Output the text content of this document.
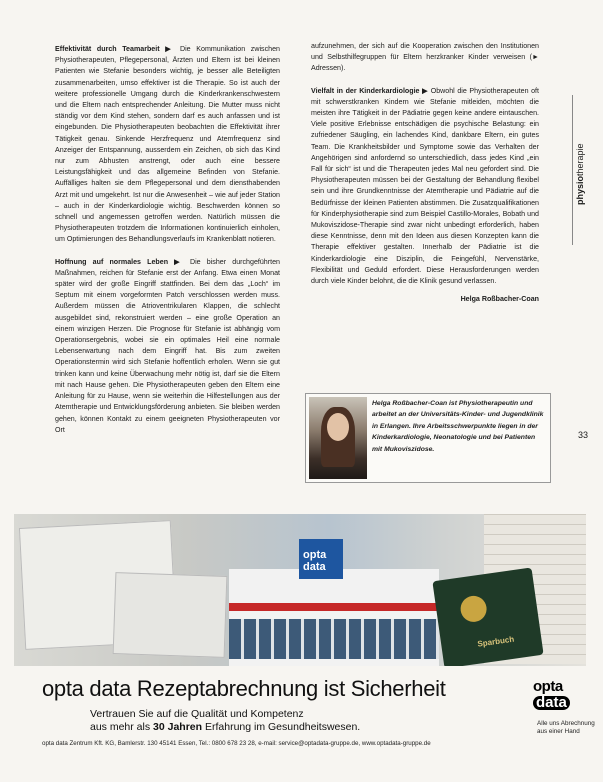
Effektivität durch Teamarbeit ▶ Die Kommunikation zwischen Physiotherapeuten, Pflegepersonal, Ärzten und Eltern ist bei kleinen Patienten wie Stefanie besonders wichtig, je besser alle Beteiligten zusammenarbeiten, umso effektiver ist die Therapie. So ist auch der weitere professionelle Umgang durch die Kinderkrankenschwestern und die Eltern nach entsprechender Anleitung. Die Mutter muss nicht ständig vor dem Kind stehen, sondern darf es auch anfassen und ist eingebunden. Die Physiotherapeuten beobachten die Effektivität ihrer Tätigkeit genau. Sinkende Herzfrequenz und Atemfrequenz sind Anzeiger der Entspannung, ausserdem ein Zeichen, ob sich das Kind nur zum Abhusten anstrengt, oder auch eine bessere Leistungsfähigkeit und das allgemeine Befinden von Stefanie. Auffälliges halten sie dem Pflegepersonal und dem diensthabenden Arzt mit und umgekehrt. Ist nur die Anwesenheit – wie auf jeder Station – auch in der Kinderkardiologie wichtig. Beschwerden können so schnell und angemessen getroffen werden. Natürlich müssen die Physiotherapeuten trotzdem die Informationen kontinuierlich einholen, um Optimierungen des Behandlungsverlaufs im Krankenblatt notieren.

Hoffnung auf normales Leben ▶ Die bisher durchgeführten Maßnahmen, reichen für Stefanie erst der Anfang. Etwa einen Monat später wird der große Eingriff stattfinden. Bei dem das „Loch“ im Septum mit einem vorgeformten Patch verschlossen werden muss. Außerdem müssen die Atrioventrikularen Klappen, die schlecht ausgebildet sind, rekonstruiert werden – eine große Operation an einem winzigen Herzen. Die Prognose für Stefanie ist abhängig vom Operationsergebnis, wobei sie ein optimales Heil eine normale Lebenserwartung nach dem Eingriff hat. Bis zum zweiten Operationstermin wird sich Stefanie hoffentlich erholen. Wenn sie gut trinken kann und keine Überwachung mehr nötig ist, darf sie die Eltern mit nach Hause gehen. Die Physiotherapeuten geben den Eltern eine Anleitung für zu Hause, wenn sie weiterhin die Hilfestellungen aus der Atemtherapie und Entwicklungsförderung anbieten. Sie bleiben werden gehen, können Kontakt zu einem geeigneten Physiotherapeuten vor Ort

aufzunehmen, der sich auf die Kooperation zwischen den Institutionen und Selbsthilfegruppen für Eltern herzkranker Kinder verweisen (► Adressen).

Vielfalt in der Kinderkardiologie ▶ Obwohl die Physiotherapeuten oft mit schwerstkranken Kindern wie Stefanie mitleiden, möchten die meisten ihre Tätigkeit in der Pädiatrie gegen keine andere eintauschen. Viele positive Erlebnisse entschädigen die psychische Belastung: ein zufriedener Säugling, ein lachendes Kind, dankbare Eltern, ein gutes Team. Die Krankheitsbilder und Symptome sowie das Verhalten der Angehörigen sind anfordernd so unterschiedlich, dass jedes Kind „ein Fall für sich“ ist und die Therapeuten jedes Mal neu gefordert sind. Die Physiotherapeuten müssen bei der Gestaltung der Behandlung flexibel sein und ihre Grundkenntnisse der Atemtherapie und Pädiatrie auf die Bedürfnisse der kleinen Patienten abstimmen. Die Zusatzqualifikationen für Kinderphysiotherapie sind zum Beispiel Castillo-Morales, Bobath und Mukoviszidose-Therapie sind zwar nicht unbedingt erforderlich, haben diese Kenntnisse, denn mit den Ideen aus diesen Konzepten kann die Therapie effektiver gestalten. Innerhalb der Pädiatrie ist die Kinderkardiologie eine Disziplin, die Feingefühl, Nervenstärke, Flexibilität und Geduld erfordert. Diese Herausforderungen werden durch viele Kinder belohnt, die die Klinik gesund verlassen.

Helga Roßbacher-Coan
physiotherapie
33
Helga Roßbacher-Coan ist Physiotherapeutin und arbeitet an der Universitäts-Kinder- und Jugendklinik in Erlangen. Ihre Arbeitsschwerpunkte liegen in der Kinderkardiologie, Neonatologie und bei Patienten mit Mukoviszidose.
opta data
Sparbuch
opta data Rezeptabrechnung ist Sicherheit
Vertrauen Sie auf die Qualität und Kompetenz
aus mehr als 30 Jahren Erfahrung im Gesundheitswesen.
opta data Zentrum Kft. KG, Bamlerstr. 130 45141 Essen, Tel.: 0800 678 23 28, e-mail: service@optadata-gruppe.de, www.optadata-gruppe.de
opta
data
Alle uns Abrechnung aus einer Hand
